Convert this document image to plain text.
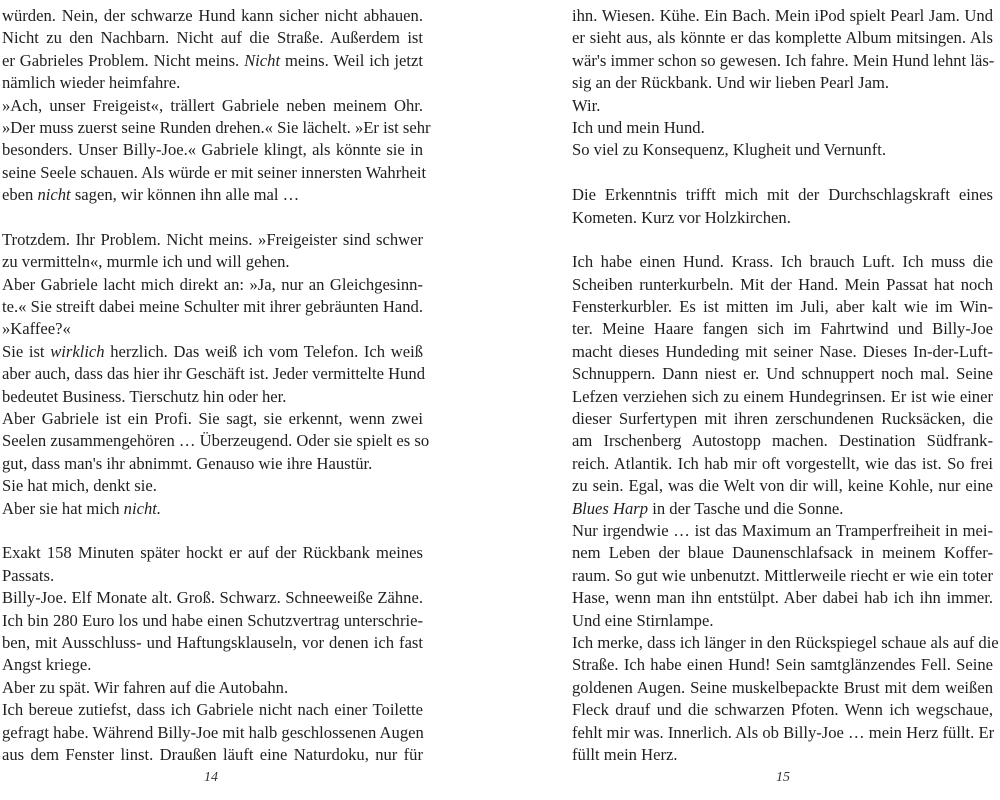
würden. Nein, der schwarze Hund kann sicher nicht abhauen.
Nicht zu den Nachbarn. Nicht auf die Straße. Außerdem ist
er Gabrieles Problem. Nicht meins. Nicht meins. Weil ich jetzt
nämlich wieder heimfahre.
»Ach, unser Freigeist«, trällert Gabriele neben meinem Ohr.
»Der muss zuerst seine Runden drehen.« Sie lächelt. »Er ist sehr
besonders. Unser Billy-Joe.« Gabriele klingt, als könnte sie in
seine Seele schauen. Als würde er mit seiner innersten Wahrheit
eben nicht sagen, wir können ihn alle mal …
Trotzdem. Ihr Problem. Nicht meins. »Freigeister sind schwer
zu vermitteln«, murmle ich und will gehen.
Aber Gabriele lacht mich direkt an: »Ja, nur an Gleichgesinn-
te.« Sie streift dabei meine Schulter mit ihrer gebräunten Hand.
»Kaffee?«
Sie ist wirklich herzlich. Das weiß ich vom Telefon. Ich weiß
aber auch, dass das hier ihr Geschäft ist. Jeder vermittelte Hund
bedeutet Business. Tierschutz hin oder her.
Aber Gabriele ist ein Profi. Sie sagt, sie erkennt, wenn zwei
Seelen zusammengehören … Überzeugend. Oder sie spielt es so
gut, dass man's ihr abnimmt. Genauso wie ihre Haustür.
Sie hat mich, denkt sie.
Aber sie hat mich nicht.
Exakt 158 Minuten später hockt er auf der Rückbank meines
Passats.
Billy-Joe. Elf Monate alt. Groß. Schwarz. Schneeweiße Zähne.
Ich bin 280 Euro los und habe einen Schutzvertrag unterschrie-
ben, mit Ausschluss- und Haftungsklauseln, vor denen ich fast
Angst kriege.
Aber zu spät. Wir fahren auf die Autobahn.
Ich bereue zutiefst, dass ich Gabriele nicht nach einer Toilette
gefragt habe. Während Billy-Joe mit halb geschlossenen Augen
aus dem Fenster linst. Draußen läuft eine Naturdoku, nur für
ihn. Wiesen. Kühe. Ein Bach. Mein iPod spielt Pearl Jam. Und
er sieht aus, als könnte er das komplette Album mitsingen. Als
wär's immer schon so gewesen. Ich fahre. Mein Hund lehnt läs-
sig an der Rückbank. Und wir lieben Pearl Jam.
Wir.
Ich und mein Hund.
So viel zu Konsequenz, Klugheit und Vernunft.
Die Erkenntnis trifft mich mit der Durchschlagskraft eines
Kometen. Kurz vor Holzkirchen.
Ich habe einen Hund. Krass. Ich brauch Luft. Ich muss die
Scheiben runterkurbeln. Mit der Hand. Mein Passat hat noch
Fensterkurbler. Es ist mitten im Juli, aber kalt wie im Win-
ter. Meine Haare fangen sich im Fahrtwind und Billy-Joe
macht dieses Hundeding mit seiner Nase. Dieses In-der-Luft-
Schnuppern. Dann niest er. Und schnuppert noch mal. Seine
Lefzen verziehen sich zu einem Hundegrinsen. Er ist wie einer
dieser Surfertypen mit ihren zerschundenen Rucksäcken, die
am Irschenberg Autostopp machen. Destination Südfrank-
reich. Atlantik. Ich hab mir oft vorgestellt, wie das ist. So frei
zu sein. Egal, was die Welt von dir will, keine Kohle, nur eine
Blues Harp in der Tasche und die Sonne.
Nur irgendwie … ist das Maximum an Tramperfreiheit in mei-
nem Leben der blaue Daunenschlafsack in meinem Koffer-
raum. So gut wie unbenutzt. Mittlerweile riecht er wie ein toter
Hase, wenn man ihn entstülpt. Aber dabei hab ich ihn immer.
Und eine Stirnlampe.
Ich merke, dass ich länger in den Rückspiegel schaue als auf die
Straße. Ich habe einen Hund! Sein samtglänzendes Fell. Seine
goldenen Augen. Seine muskelbepackte Brust mit dem weißen
Fleck drauf und die schwarzen Pfoten. Wenn ich wegschaue,
fehlt mir was. Innerlich. Als ob Billy-Joe … mein Herz füllt. Er
füllt mein Herz.
14	15
